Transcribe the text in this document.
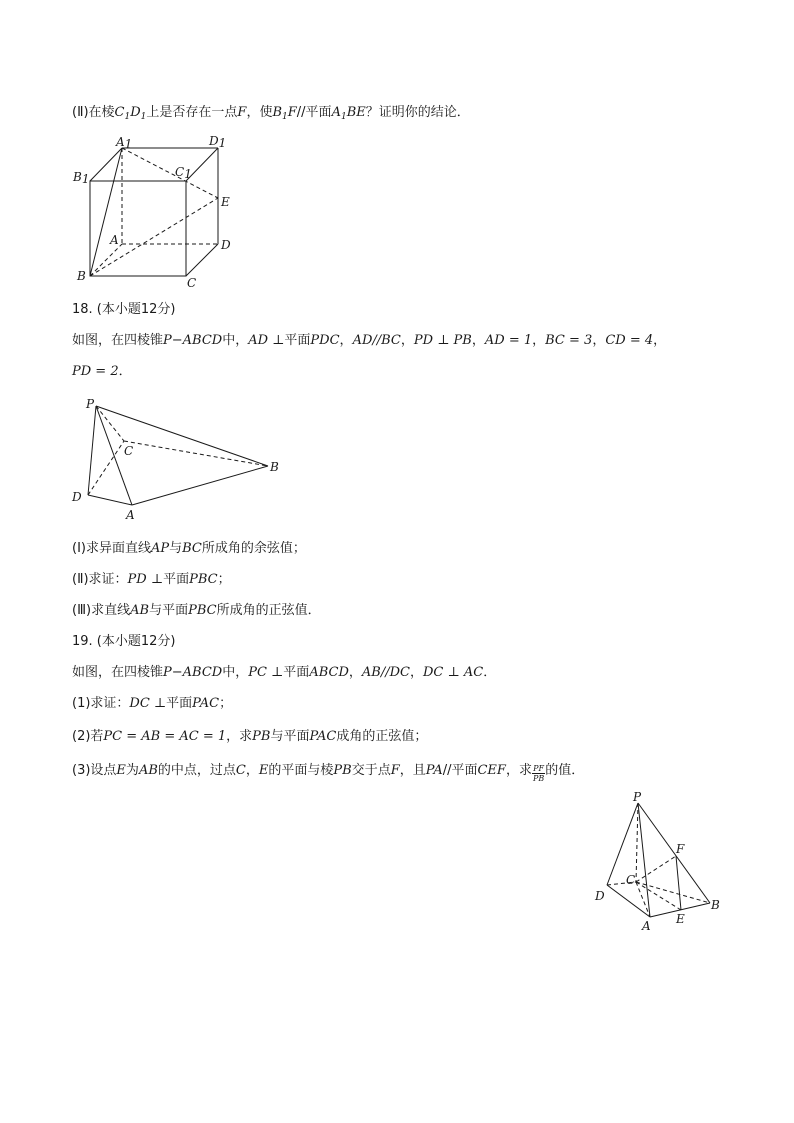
(Ⅱ)在棱$C_1D_1$上是否存在一点F，使$B_1F//$平面$A_1BE$？证明你的结论．
A1	D1
B1	C1
E
A	D
B	C
18. (本小题12分)
如图，在四棱锥P−ABCD中，AD ⊥平面PDC，AD//BC，PD ⊥ PB，AD = 1，BC = 3，CD = 4，
PD = 2．
P
C
B
D
A
(Ⅰ)求异面直线AP与BC所成角的余弦值；
(Ⅱ)求证：PD ⊥平面PBC；
(Ⅲ)求直线AB与平面PBC所成角的正弦值．
19. (本小题12分)
如图，在四棱锥P−ABCD中，PC ⊥平面ABCD，AB//DC，DC ⊥ AC．
(1)求证：DC ⊥平面PAC；
(2)若PC = AB = AC = 1，求PB与平面PAC成角的正弦值；
(3)设点E为AB的中点，过点C，E的平面与棱PB交于点F，且PA//平面CEF，求 $\frac{PF}{PB}$ 的值．
P
F
C
D
B
A E
